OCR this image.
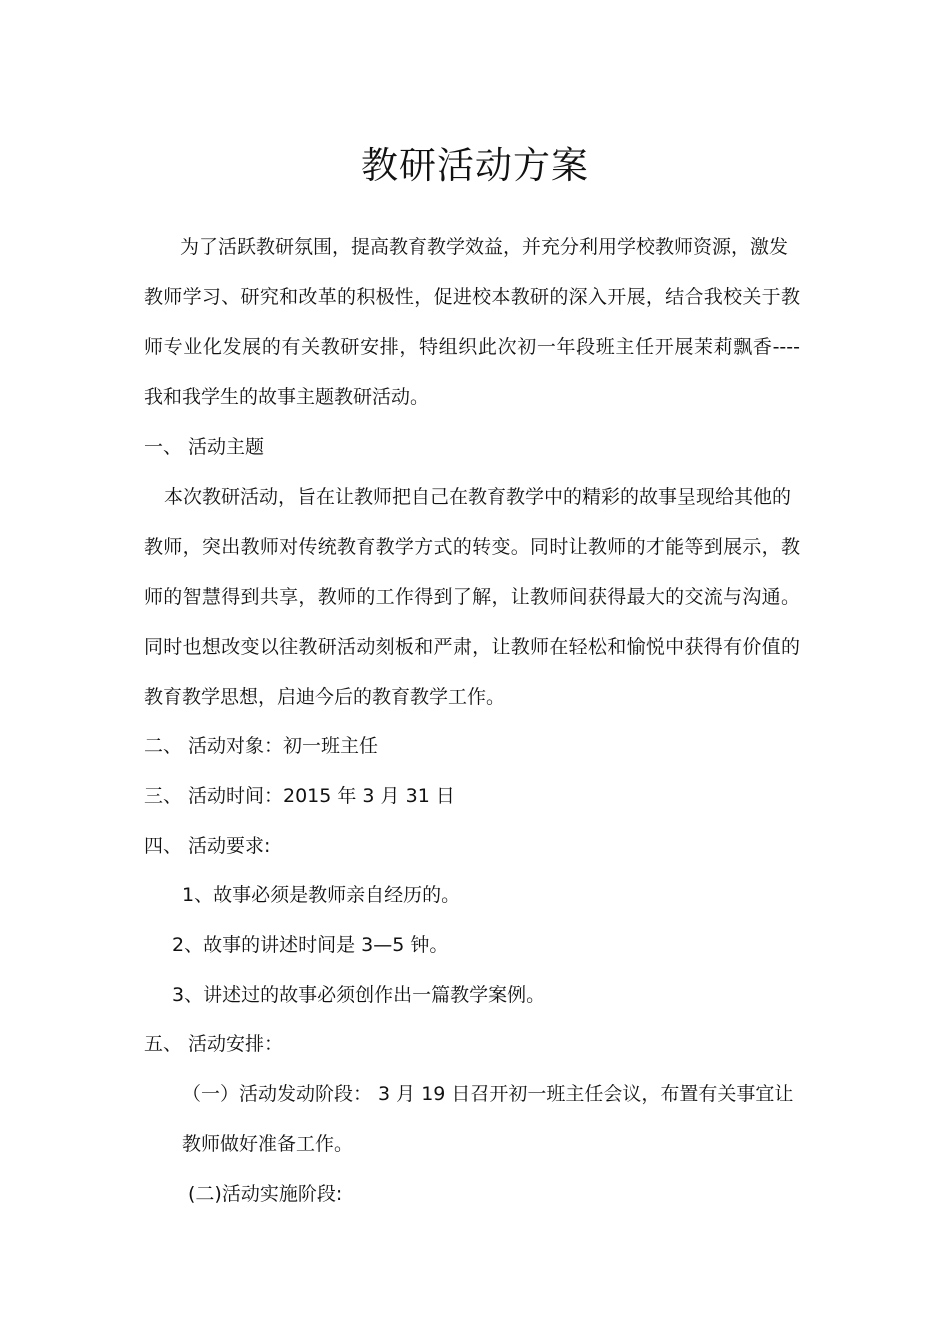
教研活动方案
为了活跃教研氛围，提高教育教学效益，并充分利用学校教师资源，激发
教师学习、研究和改革的积极性，促进校本教研的深入开展，结合我校关于教
师专业化发展的有关教研安排，特组织此次初一年段班主任开展茉莉飘香----
我和我学生的故事主题教研活动。
一、 活动主题
本次教研活动，旨在让教师把自己在教育教学中的精彩的故事呈现给其他的
教师，突出教师对传统教育教学方式的转变。同时让教师的才能等到展示，教
师的智慧得到共享，教师的工作得到了解，让教师间获得最大的交流与沟通。
同时也想改变以往教研活动刻板和严肃，让教师在轻松和愉悦中获得有价值的
教育教学思想，启迪今后的教育教学工作。
二、 活动对象：初一班主任
三、 活动时间：2015 年 3 月 31 日
四、 活动要求:
1、故事必须是教师亲自经历的。
2、故事的讲述时间是 3—5 钟。
3、讲述过的故事必须创作出一篇教学案例。
五、 活动安排：
（一）活动发动阶段： 3 月 19 日召开初一班主任会议，布置有关事宜让
教师做好准备工作。
(二)活动实施阶段:
